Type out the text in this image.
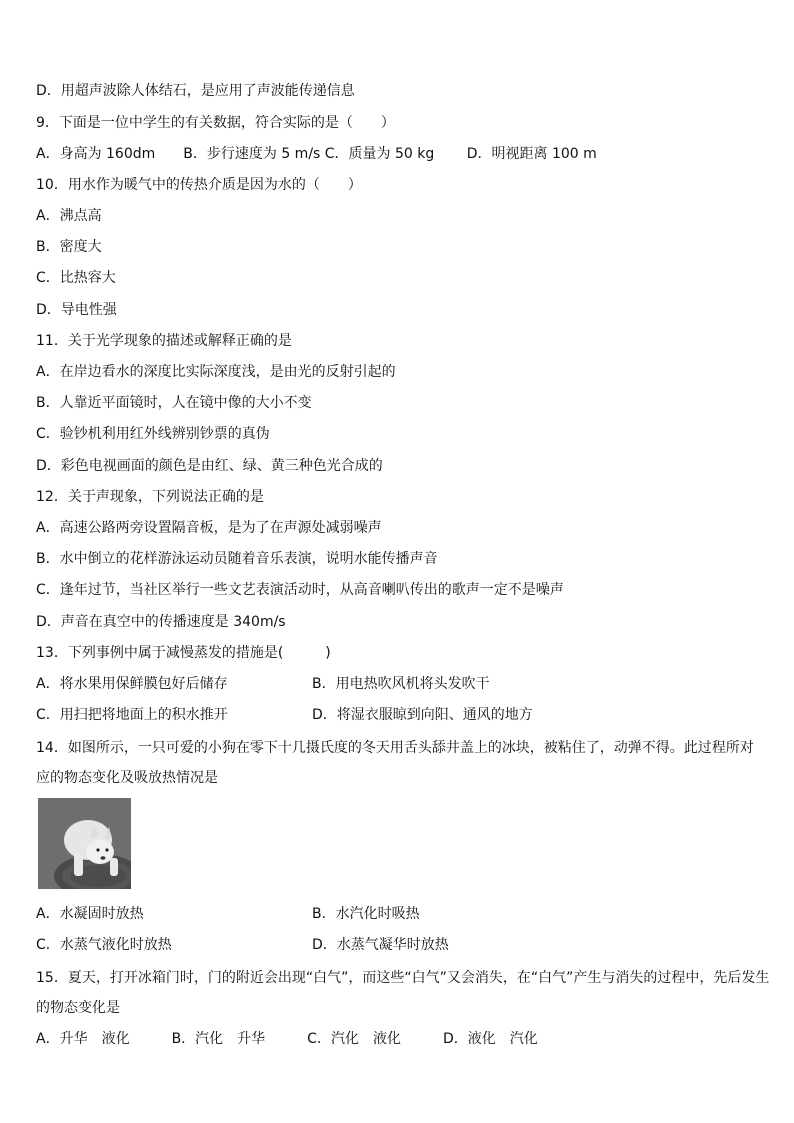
D．用超声波除人体结石，是应用了声波能传递信息
9．下面是一位中学生的有关数据，符合实际的是（　　）
A．身高为 160dm　　B．步行速度为 5 m/s C．质量为 50 kg　　 D．明视距离 100 m
10．用水作为暖气中的传热介质是因为水的（　　）
A．沸点高
B．密度大
C．比热容大
D．导电性强
11．关于光学现象的描述或解释正确的是
A．在岸边看水的深度比实际深度浅，是由光的反射引起的
B．人靠近平面镜时，人在镜中像的大小不变
C．验钞机利用红外线辨别钞票的真伪
D．彩色电视画面的颜色是由红、绿、黄三种色光合成的
12．关于声现象，下列说法正确的是
A．高速公路两旁设置隔音板，是为了在声源处减弱噪声
B．水中倒立的花样游泳运动员随着音乐表演，说明水能传播声音
C．逢年过节，当社区举行一些文艺表演活动时，从高音喇叭传出的歌声一定不是噪声
D．声音在真空中的传播速度是 340m/s
13．下列事例中属于减慢蒸发的措施是(　　　)
A．将水果用保鲜膜包好后储存	B．用电热吹风机将头发吹干
C．用扫把将地面上的积水推开	D．将湿衣服晾到向阳、通风的地方
14．如图所示，一只可爱的小狗在零下十几摄氏度的冬天用舌头舔井盖上的冰块，被粘住了，动弹不得。此过程所对
应的物态变化及吸放热情况是
A．水凝固时放热	B．水汽化时吸热
C．水蒸气液化时放热	D．水蒸气凝华时放热
15．夏天，打开冰箱门时，门的附近会出现“白气”，而这些“白气”又会消失，在“白气”产生与消失的过程中，先后发生
的物态变化是
A．升华　液化　　　B．汽化　升华　　　C．汽化　液化　　　D．液化　汽化
